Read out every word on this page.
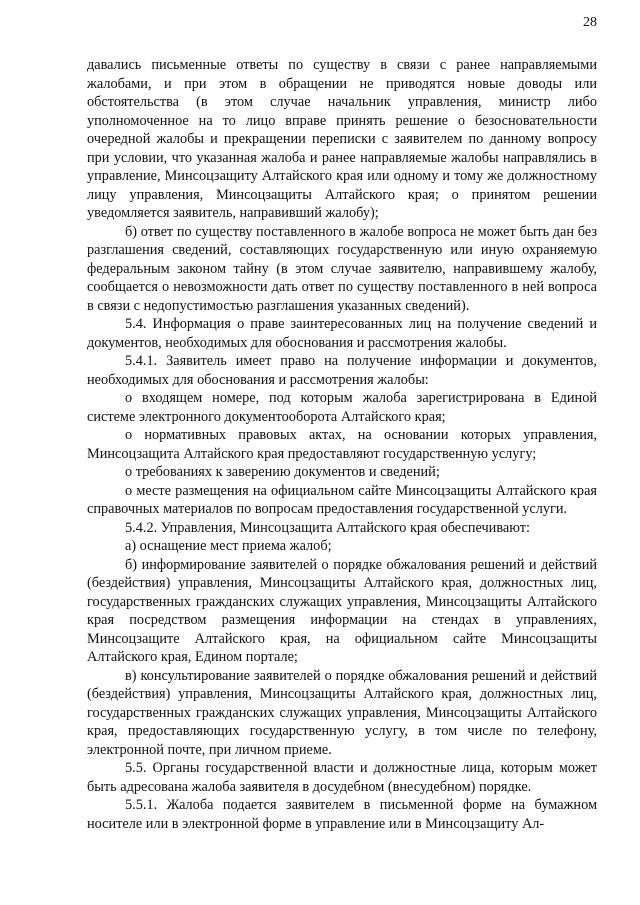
28

давались письменные ответы по существу в связи с ранее направляемыми жалобами, и при этом в обращении не приводятся новые доводы или обстоятельства (в этом случае начальник управления, министр либо уполномоченное на то лицо вправе принять решение о безосновательности очередной жалобы и прекращении переписки с заявителем по данному вопросу при условии, что указанная жалоба и ранее направляемые жалобы направлялись в управление, Минсоцзащиту Алтайского края или одному и тому же должностному лицу управления, Минсоцзащиты Алтайского края; о принятом решении уведомляется заявитель, направивший жалобу);

б) ответ по существу поставленного в жалобе вопроса не может быть дан без разглашения сведений, составляющих государственную или иную охраняемую федеральным законом тайну (в этом случае заявителю, направившему жалобу, сообщается о невозможности дать ответ по существу поставленного в ней вопроса в связи с недопустимостью разглашения указанных сведений).

5.4. Информация о праве заинтересованных лиц на получение сведений и документов, необходимых для обоснования и рассмотрения жалобы.

5.4.1. Заявитель имеет право на получение информации и документов, необходимых для обоснования и рассмотрения жалобы:

о входящем номере, под которым жалоба зарегистрирована в Единой системе электронного документооборота Алтайского края;

о нормативных правовых актах, на основании которых управления, Минсоцзащита Алтайского края предоставляют государственную услугу;

о требованиях к заверению документов и сведений;

о месте размещения на официальном сайте Минсоцзащиты Алтайского края справочных материалов по вопросам предоставления государственной услуги.

5.4.2. Управления, Минсоцзащита Алтайского края обеспечивают:

а) оснащение мест приема жалоб;

б) информирование заявителей о порядке обжалования решений и действий (бездействия) управления, Минсоцзащиты Алтайского края, должностных лиц, государственных гражданских служащих управления, Минсоцзащиты Алтайского края посредством размещения информации на стендах в управлениях, Минсоцзащите Алтайского края, на официальном сайте Минсоцзащиты Алтайского края, Едином портале;

в) консультирование заявителей о порядке обжалования решений и действий (бездействия) управления, Минсоцзащиты Алтайского края, должностных лиц, государственных гражданских служащих управления, Минсоцзащиты Алтайского края, предоставляющих государственную услугу, в том числе по телефону, электронной почте, при личном приеме.

5.5. Органы государственной власти и должностные лица, которым может быть адресована жалоба заявителя в досудебном (внесудебном) порядке.

5.5.1. Жалоба подается заявителем в письменной форме на бумажном носителе или в электронной форме в управление или в Минсоцзащиту Ал-
